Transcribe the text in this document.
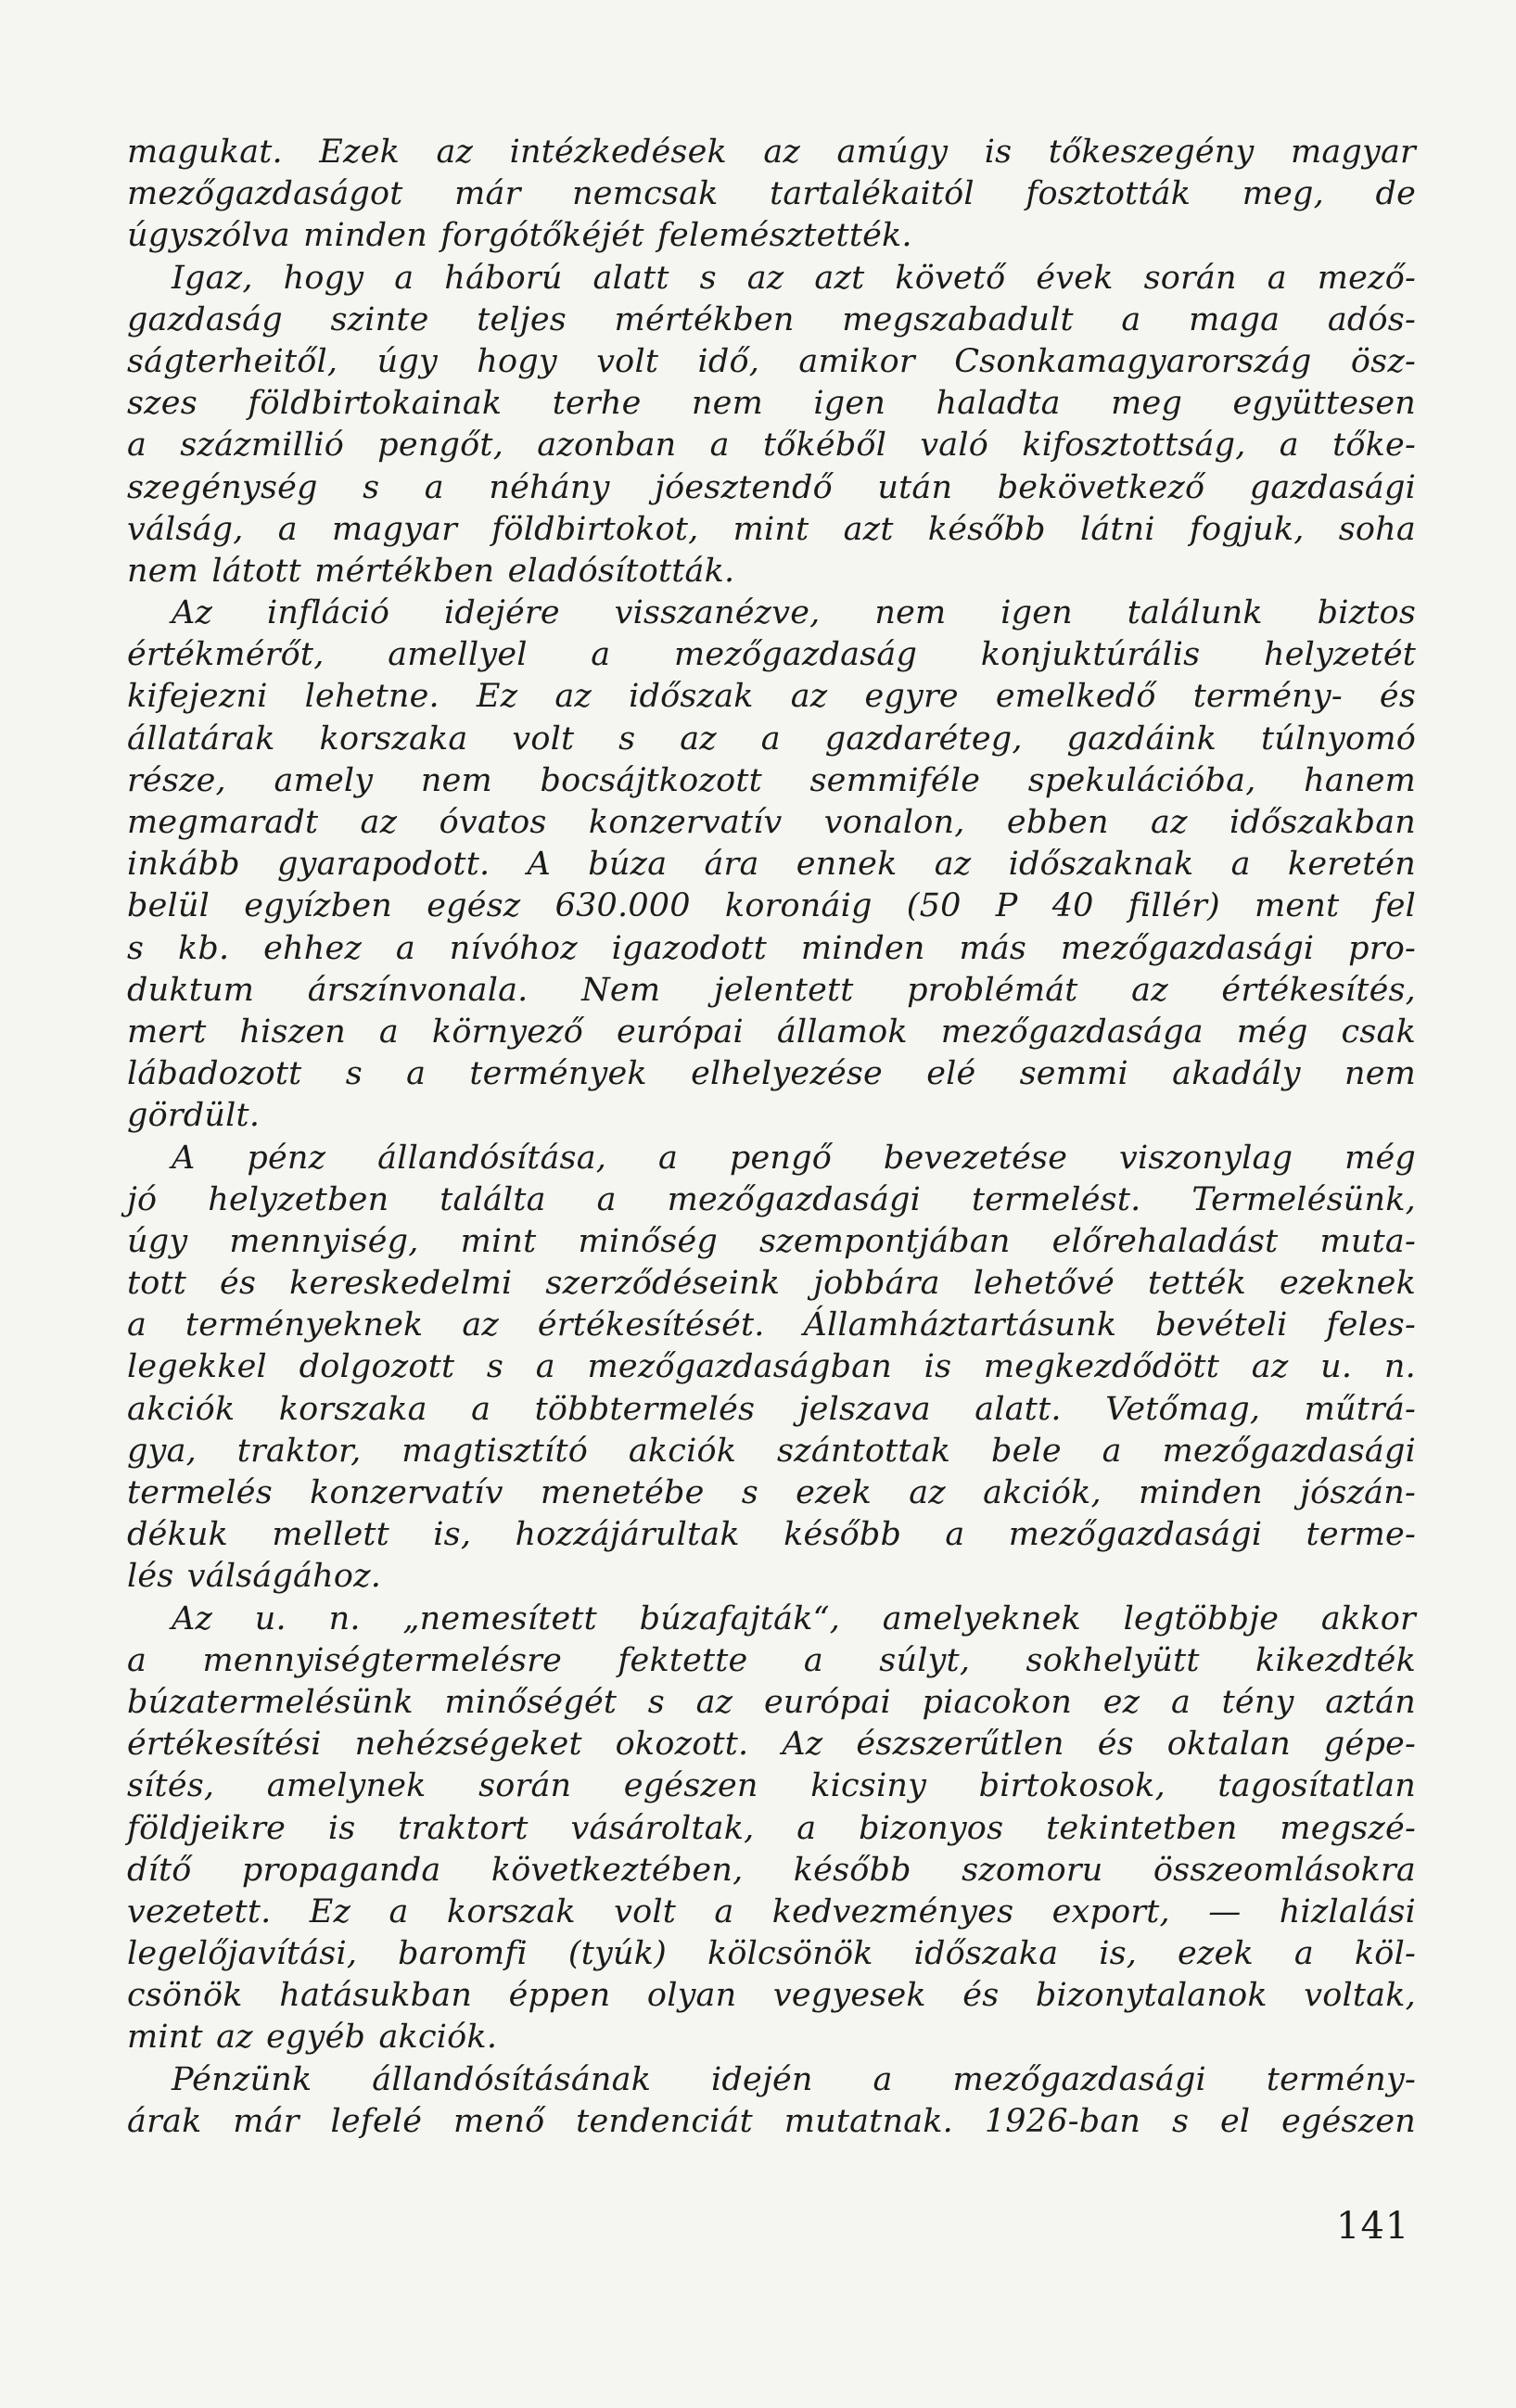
magukat. Ezek az intézkedések az amúgy is tőkeszegény magyar
mezőgazdaságot már nemcsak tartalékaitól fosztották meg, de
úgyszólva minden forgótőkéjét felemésztették.
Igaz, hogy a háború alatt s az azt követő évek során a mező-
gazdaság szinte teljes mértékben megszabadult a maga adós-
ságterheitől, úgy hogy volt idő, amikor Csonkamagyarország ösz-
szes földbirtokainak terhe nem igen haladta meg együttesen
a százmillió pengőt, azonban a tőkéből való kifosztottság, a tőke-
szegénység s a néhány jóesztendő után bekövetkező gazdasági
válság, a magyar földbirtokot, mint azt később látni fogjuk, soha
nem látott mértékben eladósították.
Az infláció idejére visszanézve, nem igen találunk biztos
értékmérőt, amellyel a mezőgazdaság konjuktúrális helyzetét
kifejezni lehetne. Ez az időszak az egyre emelkedő termény- és
állatárak korszaka volt s az a gazdaréteg, gazdáink túlnyomó
része, amely nem bocsájtkozott semmiféle spekulációba, hanem
megmaradt az óvatos konzervatív vonalon, ebben az időszakban
inkább gyarapodott. A búza ára ennek az időszaknak a keretén
belül egyízben egész 630.000 koronáig (50 P 40 fillér) ment fel
s kb. ehhez a nívóhoz igazodott minden más mezőgazdasági pro-
duktum árszínvonala. Nem jelentett problémát az értékesítés,
mert hiszen a környező európai államok mezőgazdasága még csak
lábadozott s a termények elhelyezése elé semmi akadály nem
gördült.
A pénz állandósítása, a pengő bevezetése viszonylag még
jó helyzetben találta a mezőgazdasági termelést. Termelésünk,
úgy mennyiség, mint minőség szempontjában előrehaladást muta-
tott és kereskedelmi szerződéseink jobbára lehetővé tették ezeknek
a terményeknek az értékesítését. Államháztartásunk bevételi feles-
legekkel dolgozott s a mezőgazdaságban is megkezdődött az u. n.
akciók korszaka a többtermelés jelszava alatt. Vetőmag, műtrá-
gya, traktor, magtisztító akciók szántottak bele a mezőgazdasági
termelés konzervatív menetébe s ezek az akciók, minden jószán-
dékuk mellett is, hozzájárultak később a mezőgazdasági terme-
lés válságához.
Az u. n. „nemesített búzafajták“, amelyeknek legtöbbje akkor
a mennyiségtermelésre fektette a súlyt, sokhelyütt kikezdték
búzatermelésünk minőségét s az európai piacokon ez a tény aztán
értékesítési nehézségeket okozott. Az észszerűtlen és oktalan gépe-
sítés, amelynek során egészen kicsiny birtokosok, tagosítatlan
földjeikre is traktort vásároltak, a bizonyos tekintetben megszé-
dítő propaganda következtében, később szomoru összeomlásokra
vezetett. Ez a korszak volt a kedvezményes export, — hizlalási
legelőjavítási, baromfi (tyúk) kölcsönök időszaka is, ezek a köl-
csönök hatásukban éppen olyan vegyesek és bizonytalanok voltak,
mint az egyéb akciók.
Pénzünk állandósításának idején a mezőgazdasági termény-
árak már lefelé menő tendenciát mutatnak. 1926-ban s el egészen
141
